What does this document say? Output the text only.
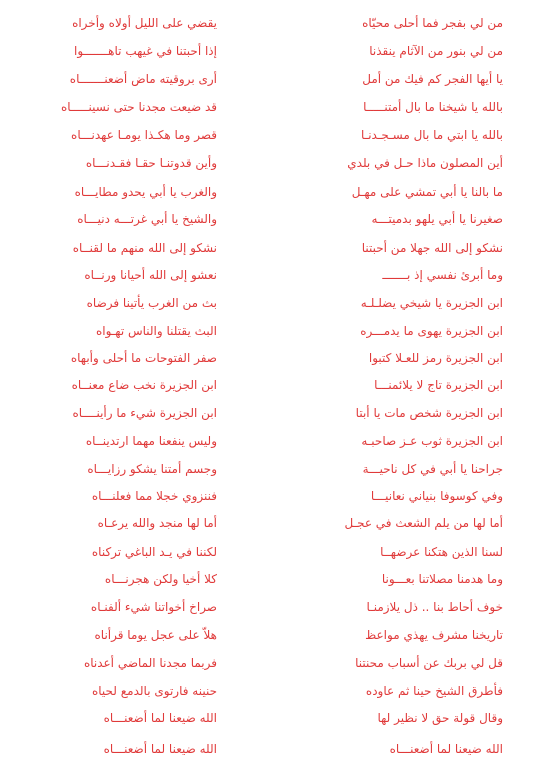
من لي بفجر فما أحلى محيّاه
يقضي على الليل أولاه وأخراه
من لي بنور من الآثام ينقذنا
إذا أحبتنا في غيهب تاهـــــــوا
يا أيها الفجر كم فيك من أمل
أرى بروقيته ماض أضعنـــــــاه
بالله يا شيخنا ما بال أمتنـــــا
قد ضيعت مجدنا حتى نسينـــــاه
بالله يا ابتي ما بال مسـجـدنـا
قصر وما هكـذا يومـا عهدنـــاه
أين المصلون ماذا حـل في بلدي
وأين قدوتنـا حقـا فقـدنـــاه
ما بالنا يا أبي تمشي على مهـل
والغرب يا أبي يحدو مطايـــاه
صغيرنا يا أبي يلهو بدميتـــه
والشيخ يا أبي غرتـــه دنيـــاه
نشكو إلى الله جهلا من أحبتنا
نشكو إلى الله منهم ما لقنــاه
وما أبرئ نفسي إذ بـــــــ
نعشو إلى الله أحيانا ورنــاه
ابن الجزيرة يا شيخي يضلـلـه
بث من الغرب يأتينا فرضاه
ابن الجزيرة يهوى ما يدمـــره
البث يقتلنا والناس تهـواه
ابن الجزيرة رمز للعـلا كتبوا
صفر الفتوحات ما أحلى وأبهاه
ابن الجزيرة تاج لا يلائمنـــا
ابن الجزيرة نخب ضاع معنــاه
ابن الجزيرة شخص مات يا أبتا
ابن الجزيرة شيء ما رأينــــاه
ابن الجزيرة ثوب عـز صاحبـه
وليس ينفعنا مهما ارتدينــاه
جراحنا يا أبي في كل ناحيـــة
وجسم أمتنا يشكو رزايـــاه
وفي كوسوفا بنياني نعانيـــا
فننزوي خجلا مما فعلنـــاه
أما لها من يلم الشعث في عجـل
أما لها منجد والله يرعـاه
لسنا الذين هتكنا عرضهــا
لكننا في يـد الباغي تركناه
وما هدمنا مصلاتنا بعـــونا
كلا أخيا ولكن هجرنـــاه
خوف أحاط بنا .. ذل يلازمنـا
صراخ أخواتنا شيء ألفنـاه
تاريخنا مشرف يهذي مواعظ
هلاّ على عجل يوما قرأناه
قل لي بربك عن أسباب محنتنا
فربما مجدنا الماضي أعدناه
فأطرق الشيخ حينا ثم عاوده
حنينه فارتوى بالدمع لحياه
وقال قولة حق لا نظير لها
الله ضيعنا لما أضعنـــاه
الله ضيعنا لما أضعنـــاه
الله ضيعنا لما أضعنـــاه
